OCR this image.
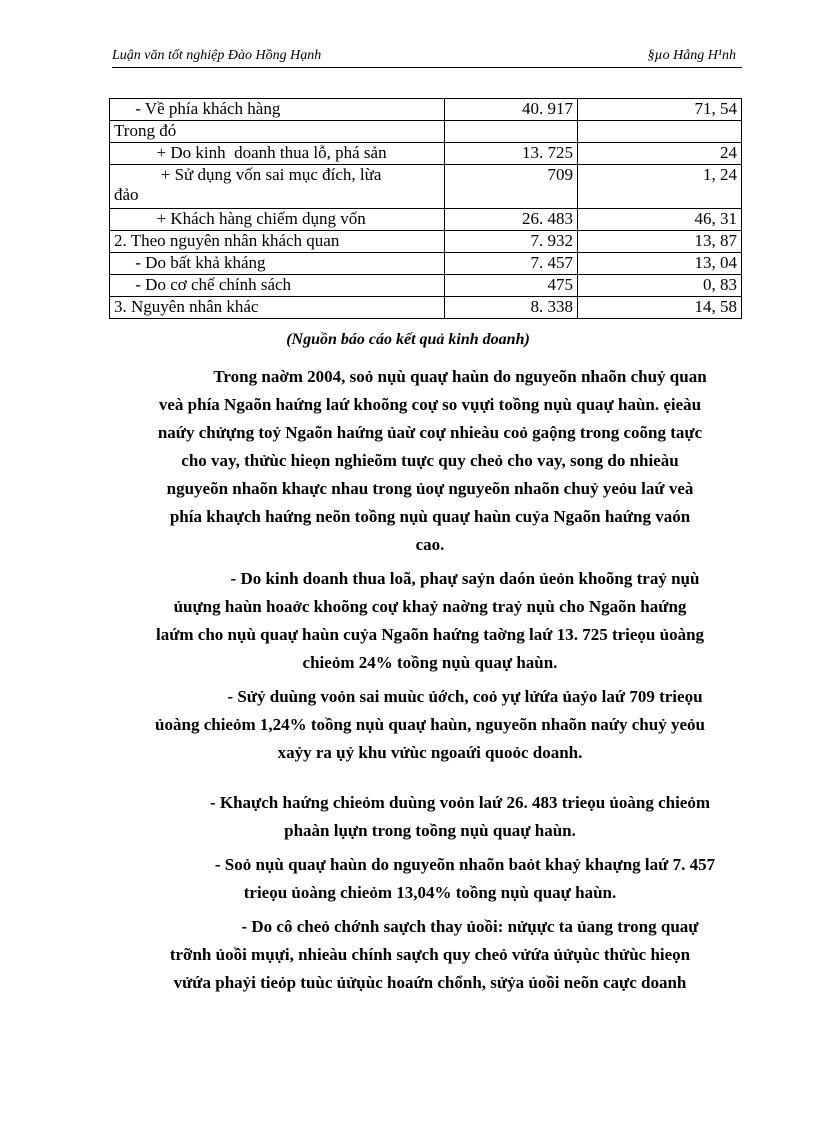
Luận văn tốt nghiệp Đào Hồng Hạnh	§µo Hång H¹nh
- Về phía khách hàng	40. 917	71, 54
Trong đó		
+ Do kinh  doanh thua lỗ, phá sản	13. 725	24

+ Sử dụng vốn sai mục đích, lừa
đảo	709	1, 24
+ Khách hàng chiếm dụng vốn	26. 483	46, 31
2. Theo nguyên nhân khách quan	7. 932	13, 87
- Do bất khả kháng	7. 457	13, 04
- Do cơ chế chính sách	475	0, 83
3. Nguyên nhân khác	8. 338	14, 58
(Nguồn báo cáo kết quả kinh doanh)
Trong naờm 2004, soỏ nụù quaự haùn do nguyeõn nhaõn chuỷ quan
veà phía Ngaõn haứng laứ khoõng coự so vụựi toồng nụù quaự haùn. ẹieàu
naứy chửựng toỷ Ngaõn haứng ủaừ coự nhieàu coỏ gaộng trong coõng taực
cho vay, thửùc hieọn nghieõm tuực quy cheỏ cho vay, song do nhieàu
nguyeõn nhaõn khaực nhau trong ủoự nguyeõn nhaõn chuỷ yeỏu laứ veà
phía khaựch haứng neõn toồng nụù quaự haùn cuỷa Ngaõn haứng vaón
cao.
- Do kinh doanh thua loã, phaự saỷn daón ủeỏn khoõng traỷ nụù
ủuựng haùn hoaởc khoõng coự khaỷ naờng traỷ nụù cho Ngaõn haứng
laứm cho nụù quaự haùn cuỷa Ngaõn haứng taờng laứ 13. 725 trieọu ủoàng
chieỏm 24% toồng nụù quaự haùn.
- Sửỷ duùng voỏn sai muùc ủớch, coỏ yự lửứa ủaỷo laứ 709 trieọu
ủoàng chieỏm 1,24% toồng nụù quaự haùn, nguyeõn nhaõn naứy chuỷ yeỏu
xaỷy ra ụỷ khu vửùc ngoaứi quoỏc doanh.
- Khaựch haứng chieỏm duùng voỏn laứ 26. 483 trieọu ủoàng chieỏm
phaàn lụựn trong toồng nụù quaự haùn.
- Soỏ nụù quaự haùn do nguyeõn nhaõn baỏt khaỷ khaựng laứ 7. 457
trieọu ủoàng chieỏm 13,04% toồng nụù quaự haùn.
- Do cô cheỏ chớnh saựch thay ủoồi: nửụực ta ủang trong quaự
trỡnh ủoồi mụựi, nhieàu chính saựch quy cheỏ vửứa ủửụùc thửùc hieọn
vửứa phaỷi tieỏp tuùc ủửụùc hoaứn chổnh, sửỷa ủoồi neõn caực doanh
